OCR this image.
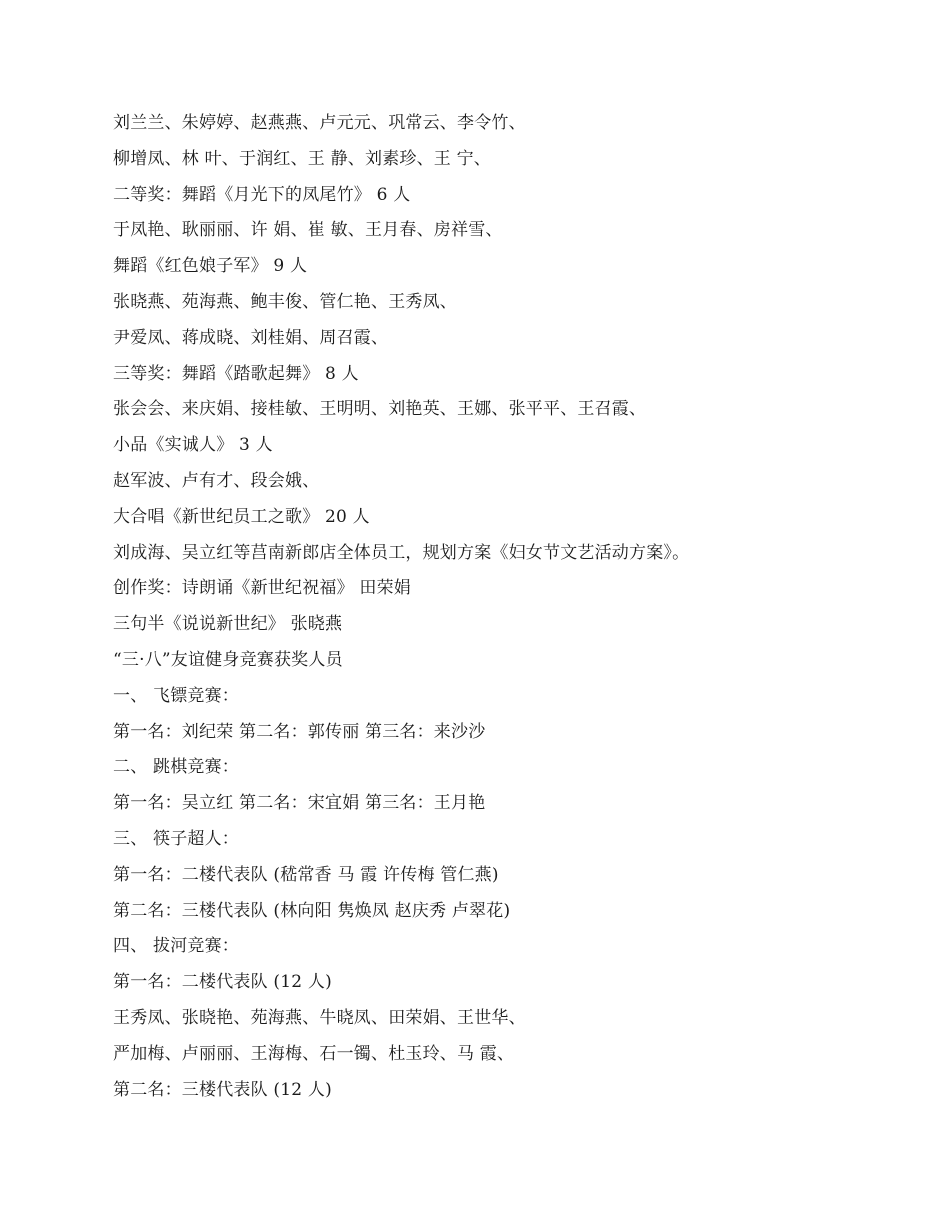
刘兰兰、朱婷婷、赵燕燕、卢元元、巩常云、李令竹、
柳增凤、林 叶、于润红、王 静、刘素珍、王 宁、
二等奖：舞蹈《月光下的凤尾竹》 6 人
于凤艳、耿丽丽、许 娟、崔 敏、王月春、房祥雪、
舞蹈《红色娘子军》 9 人
张晓燕、苑海燕、鲍丰俊、管仁艳、王秀凤、
尹爱凤、蒋成晓、刘桂娟、周召霞、
三等奖：舞蹈《踏歌起舞》 8 人
张会会、来庆娟、接桂敏、王明明、刘艳英、王娜、张平平、王召霞、
小品《实诚人》 3 人
赵军波、卢有才、段会娥、
大合唱《新世纪员工之歌》 20 人
刘成海、吴立红等莒南新郎店全体员工，规划方案《妇女节文艺活动方案》。
创作奖：诗朗诵《新世纪祝福》 田荣娟
三句半《说说新世纪》 张晓燕
“三·八”友谊健身竞赛获奖人员
一、 飞镖竞赛：
第一名：刘纪荣 第二名：郭传丽 第三名：来沙沙
二、 跳棋竞赛：
第一名：吴立红 第二名：宋宜娟 第三名：王月艳
三、 筷子超人：
第一名：二楼代表队 (嵇常香 马 霞 许传梅 管仁燕)
第二名：三楼代表队 (林向阳 隽焕凤 赵庆秀 卢翠花)
四、 拔河竞赛：
第一名：二楼代表队 (12 人)
王秀凤、张晓艳、苑海燕、牛晓凤、田荣娟、王世华、
严加梅、卢丽丽、王海梅、石一镯、杜玉玲、马 霞、
第二名：三楼代表队 (12 人)
